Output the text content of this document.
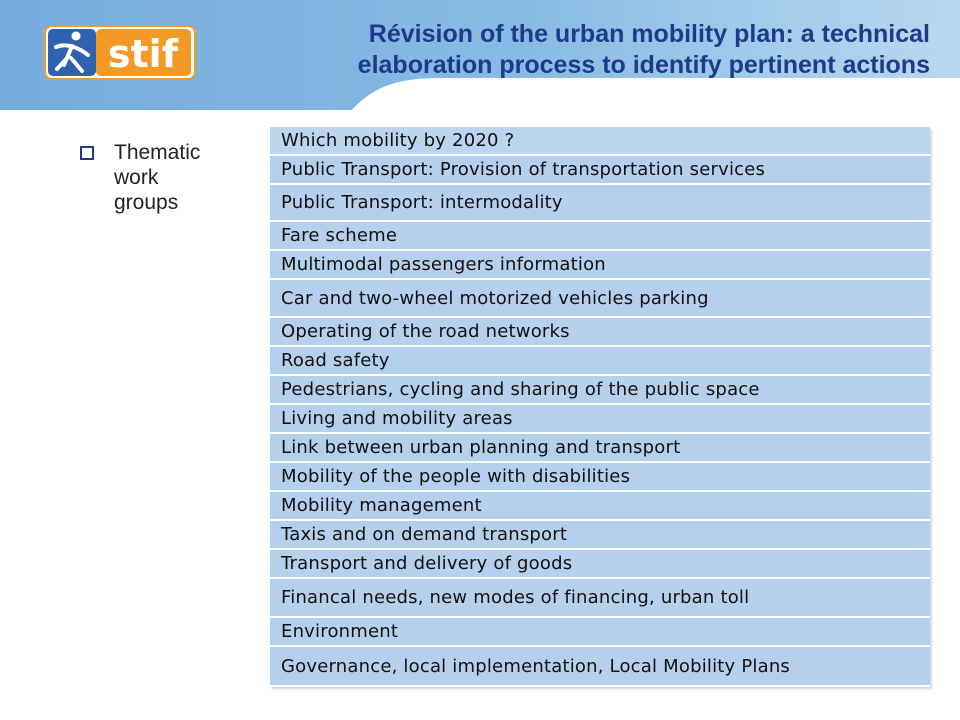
stif	Révision of the urban mobility plan: a technical
elaboration process to identify pertinent actions
Thematic work groups
Which mobility by 2020 ?
Public Transport: Provision of transportation services
Public Transport: intermodality
Fare scheme
Multimodal passengers information
Car and two-wheel motorized vehicles parking
Operating of the road networks
Road safety
Pedestrians, cycling and sharing of the public space
Living and mobility areas
Link between urban planning and transport
Mobility of the people with disabilities
Mobility management
Taxis and on demand transport
Transport and delivery of goods
Financal needs, new modes of financing, urban toll
Environment
Governance, local implementation, Local Mobility Plans
